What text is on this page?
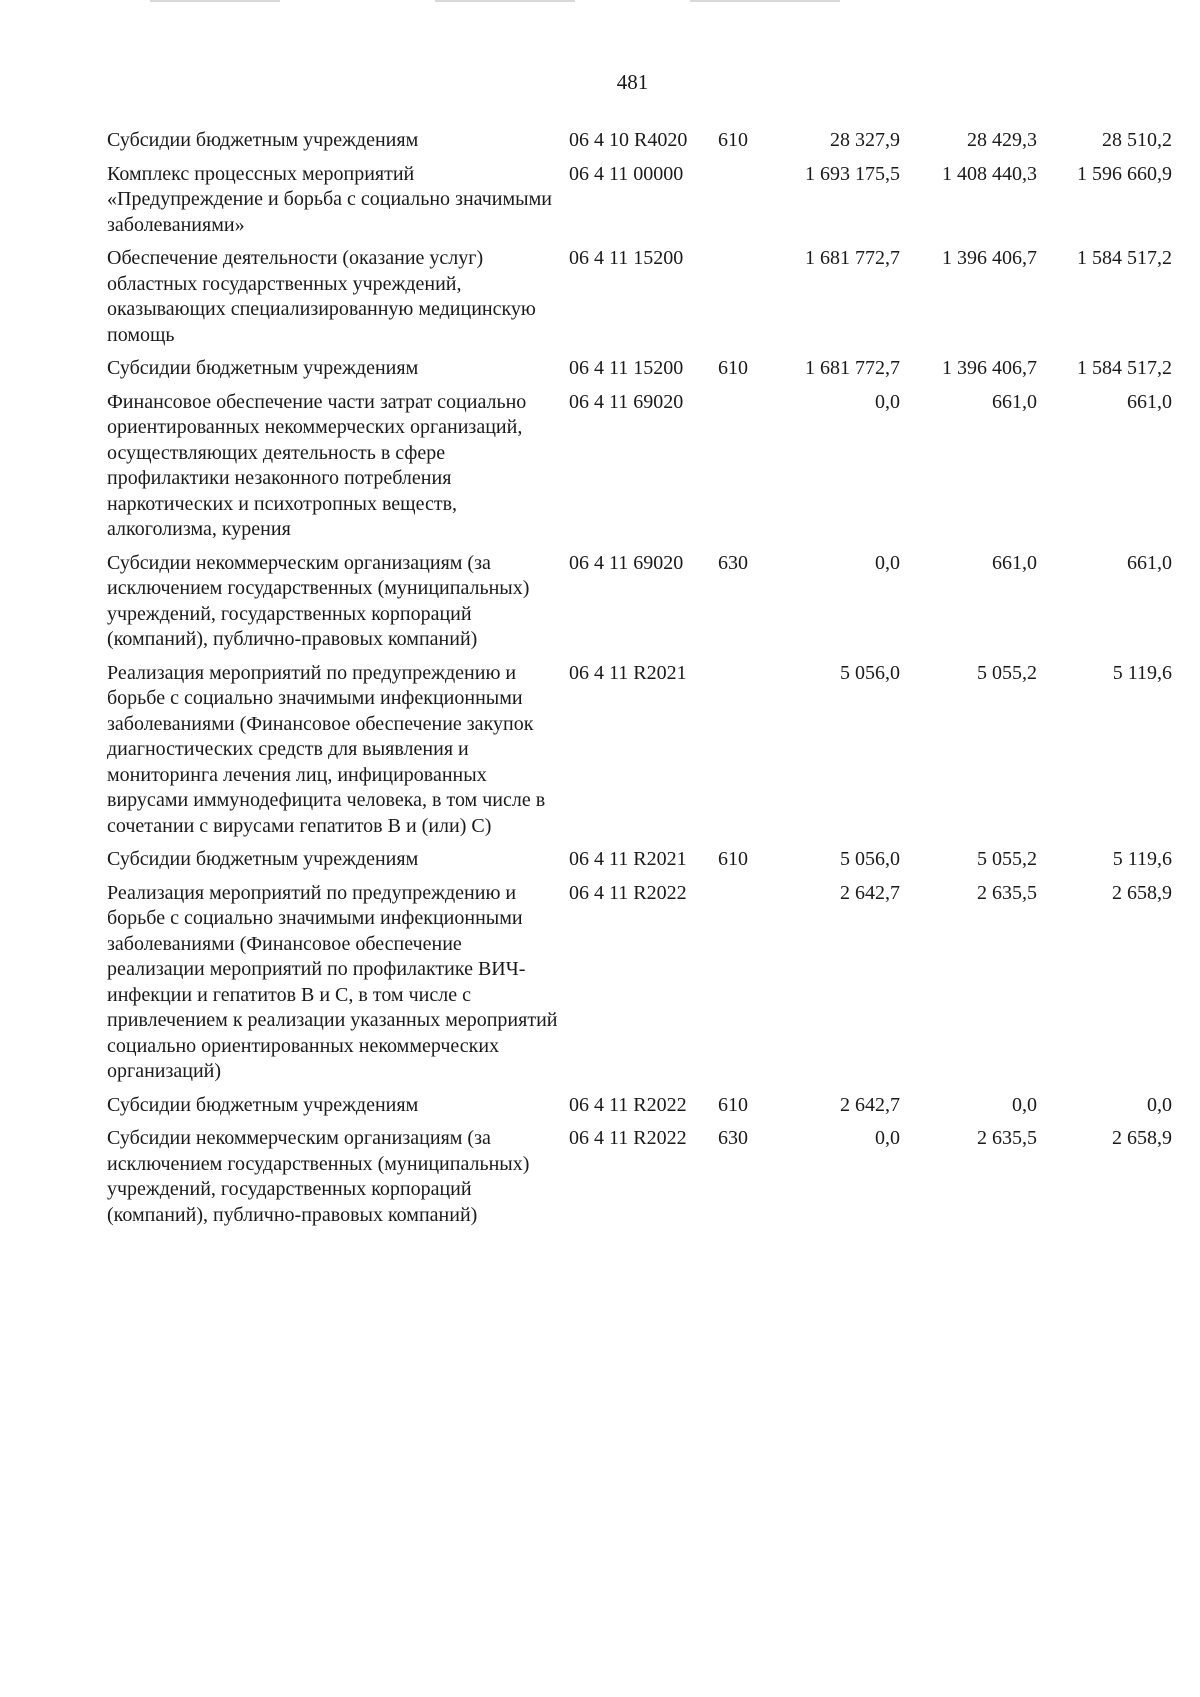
481
Субсидии бюджетным учреждениям	06 4 10 R4020	610	28 327,9	28 429,3	28 510,2
Комплекс процессных мероприятий «Предупреждение и борьба с социально значимыми заболеваниями»	06 4 11 00000		1 693 175,5	1 408 440,3	1 596 660,9
Обеспечение деятельности (оказание услуг) областных государственных учреждений, оказывающих специализированную медицинскую помощь	06 4 11 15200		1 681 772,7	1 396 406,7	1 584 517,2
Субсидии бюджетным учреждениям	06 4 11 15200	610	1 681 772,7	1 396 406,7	1 584 517,2
Финансовое обеспечение части затрат социально ориентированных некоммерческих организаций, осуществляющих деятельность в сфере профилактики незаконного потребления наркотических и психотропных веществ, алкоголизма, курения	06 4 11 69020		0,0	661,0	661,0
Субсидии некоммерческим организациям (за исключением государственных (муниципальных) учреждений, государственных корпораций (компаний), публично-правовых компаний)	06 4 11 69020	630	0,0	661,0	661,0
Реализация мероприятий по предупреждению и борьбе с социально значимыми инфекционными заболеваниями (Финансовое обеспечение закупок диагностических средств для выявления и мониторинга лечения лиц, инфицированных вирусами иммунодефицита человека, в том числе в сочетании с вирусами гепатитов B и (или) C)	06 4 11 R2021		5 056,0	5 055,2	5 119,6
Субсидии бюджетным учреждениям	06 4 11 R2021	610	5 056,0	5 055,2	5 119,6
Реализация мероприятий по предупреждению и борьбе с социально значимыми инфекционными заболеваниями (Финансовое обеспечение реализации мероприятий по профилактике ВИЧ-инфекции и гепатитов B и C, в том числе с привлечением к реализации указанных мероприятий социально ориентированных некоммерческих организаций)	06 4 11 R2022		2 642,7	2 635,5	2 658,9
Субсидии бюджетным учреждениям	06 4 11 R2022	610	2 642,7	0,0	0,0
Субсидии некоммерческим организациям (за исключением государственных (муниципальных) учреждений, государственных корпораций (компаний), публично-правовых компаний)	06 4 11 R2022	630	0,0	2 635,5	2 658,9
